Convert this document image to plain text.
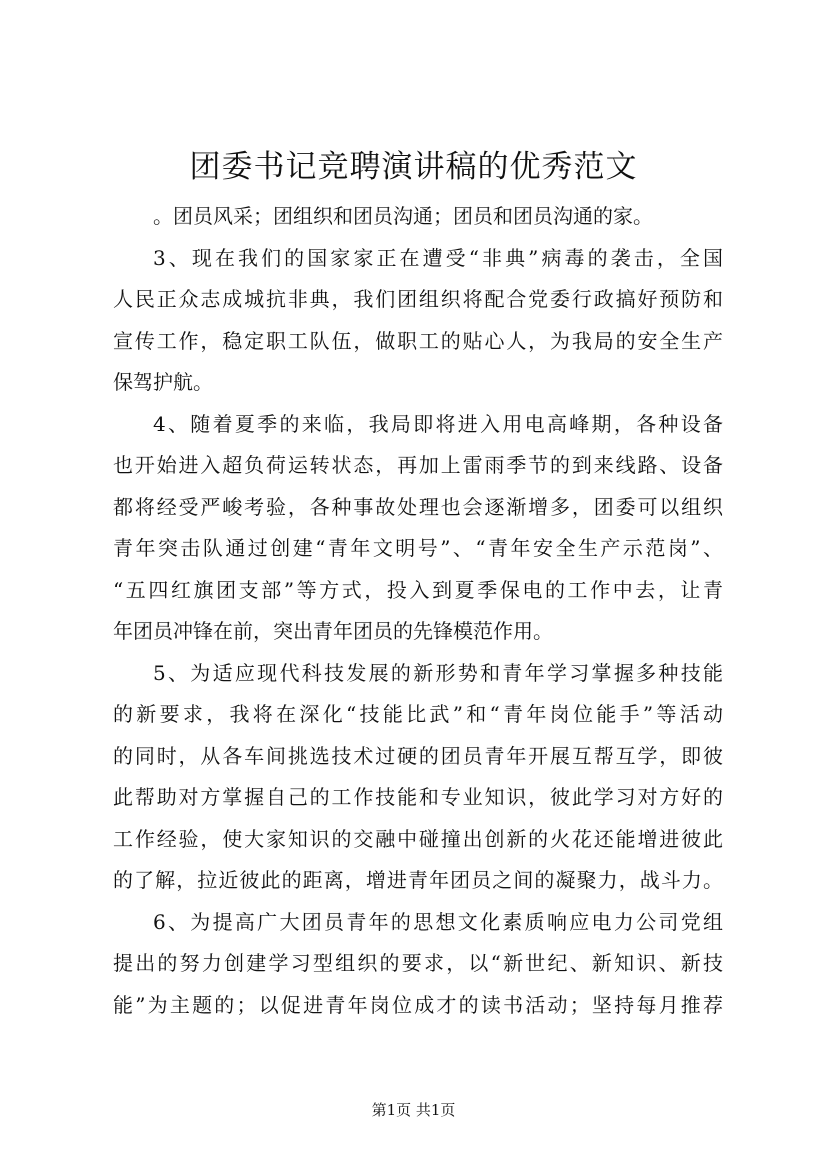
团委书记竞聘演讲稿的优秀范文
。团员风采；团组织和团员沟通；团员和团员沟通的家。
3、现在我们的国家家正在遭受“非典”病毒的袭击，全国
人民正众志成城抗非典，我们团组织将配合党委行政搞好预防和
宣传工作，稳定职工队伍，做职工的贴心人，为我局的安全生产
保驾护航。
4、随着夏季的来临，我局即将进入用电高峰期，各种设备
也开始进入超负荷运转状态，再加上雷雨季节的到来线路、设备
都将经受严峻考验，各种事故处理也会逐渐增多，团委可以组织
青年突击队通过创建“青年文明号”、“青年安全生产示范岗”、
“五四红旗团支部”等方式，投入到夏季保电的工作中去，让青
年团员冲锋在前，突出青年团员的先锋模范作用。
5、为适应现代科技发展的新形势和青年学习掌握多种技能
的新要求，我将在深化“技能比武”和“青年岗位能手”等活动
的同时，从各车间挑选技术过硬的团员青年开展互帮互学，即彼
此帮助对方掌握自己的工作技能和专业知识，彼此学习对方好的
工作经验，使大家知识的交融中碰撞出创新的火花还能增进彼此
的了解，拉近彼此的距离，增进青年团员之间的凝聚力，战斗力。
6、为提高广大团员青年的思想文化素质响应电力公司党组
提出的努力创建学习型组织的要求，以“新世纪、新知识、新技
能”为主题的；以促进青年岗位成才的读书活动；坚持每月推荐
第1页 共1页
